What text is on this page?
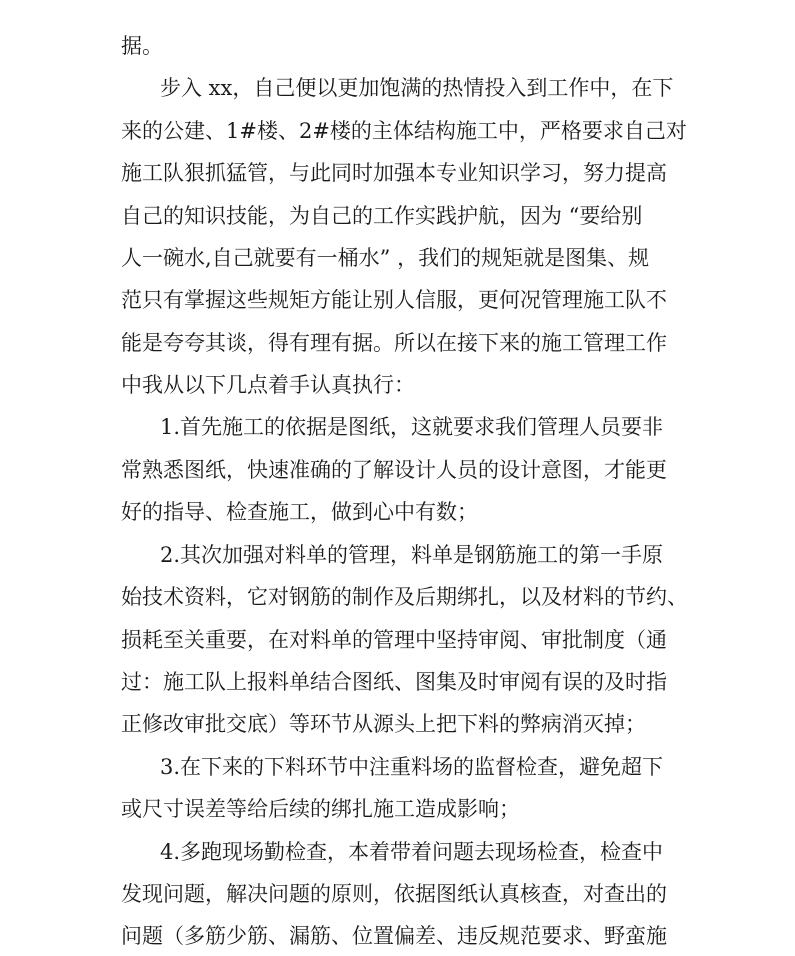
据。
步入 xx，自己便以更加饱满的热情投入到工作中，在下
来的公建、1#楼、2#楼的主体结构施工中，严格要求自己对
施工队狠抓猛管，与此同时加强本专业知识学习，努力提高
自己的知识技能，为自己的工作实践护航，因为 “要给别
人一碗水,自己就要有一桶水” ，我们的规矩就是图集、规
范只有掌握这些规矩方能让别人信服，更何况管理施工队不
能是夸夸其谈，得有理有据。所以在接下来的施工管理工作
中我从以下几点着手认真执行：
1.首先施工的依据是图纸，这就要求我们管理人员要非
常熟悉图纸，快速准确的了解设计人员的设计意图，才能更
好的指导、检查施工，做到心中有数；
2.其次加强对料单的管理，料单是钢筋施工的第一手原
始技术资料，它对钢筋的制作及后期绑扎，以及材料的节约、
损耗至关重要，在对料单的管理中坚持审阅、审批制度（通
过：施工队上报料单结合图纸、图集及时审阅有误的及时指
正修改审批交底）等环节从源头上把下料的弊病消灭掉；
3.在下来的下料环节中注重料场的监督检查，避免超下
或尺寸误差等给后续的绑扎施工造成影响；
4.多跑现场勤检查，本着带着问题去现场检查，检查中
发现问题，解决问题的原则，依据图纸认真核查，对查出的
问题（多筋少筋、漏筋、位置偏差、违反规范要求、野蛮施
